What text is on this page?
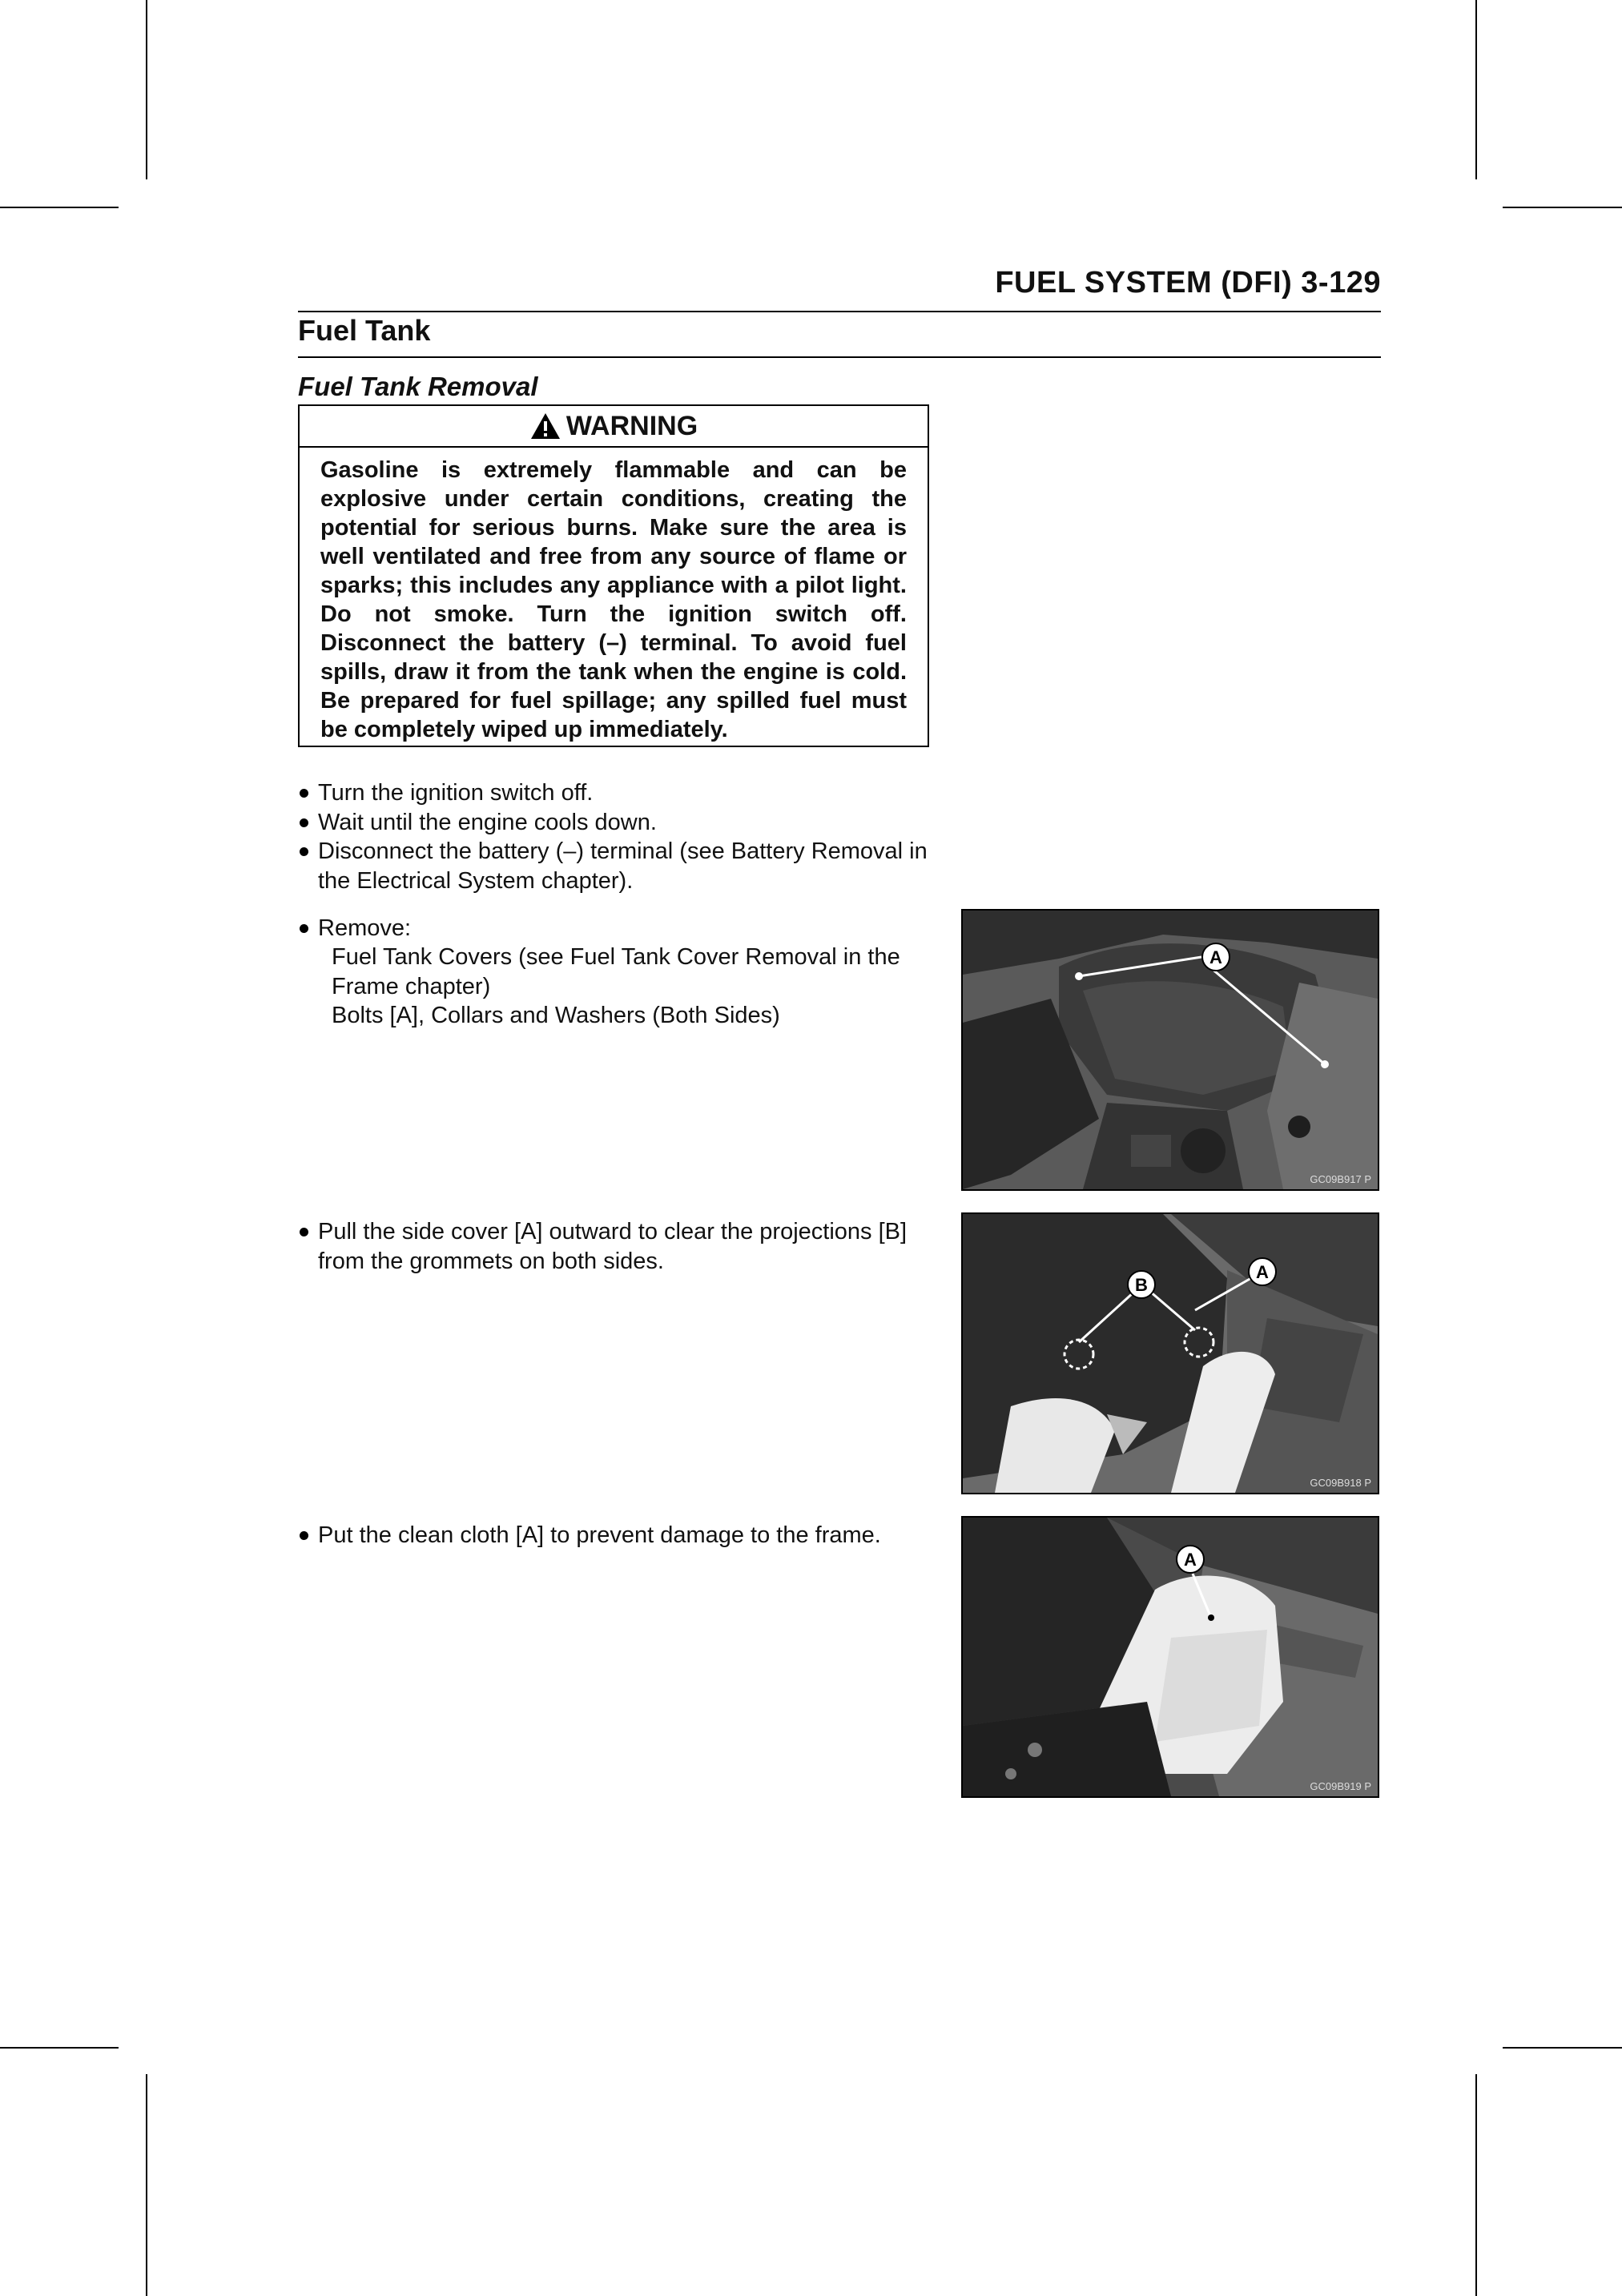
FUEL SYSTEM (DFI) 3-129
Fuel Tank
Fuel Tank Removal
WARNING
Gasoline is extremely flammable and can be explosive under certain conditions, creating the potential for serious burns. Make sure the area is well ventilated and free from any source of flame or sparks; this includes any appliance with a pilot light. Do not smoke. Turn the ignition switch off. Disconnect the battery (–) terminal. To avoid fuel spills, draw it from the tank when the engine is cold. Be prepared for fuel spillage; any spilled fuel must be completely wiped up immediately.
Turn the ignition switch off.
Wait until the engine cools down.
Disconnect the battery (–) terminal (see Battery Removal in the Electrical System chapter).
Remove:
Fuel Tank Covers (see Fuel Tank Cover Removal in the Frame chapter)
Bolts [A], Collars and Washers (Both Sides)
Pull the side cover [A] outward to clear the projections [B] from the grommets on both sides.
Put the clean cloth [A] to prevent damage to the frame.
A
GC09B917 P
B
A
GC09B918 P
A
GC09B919 P
